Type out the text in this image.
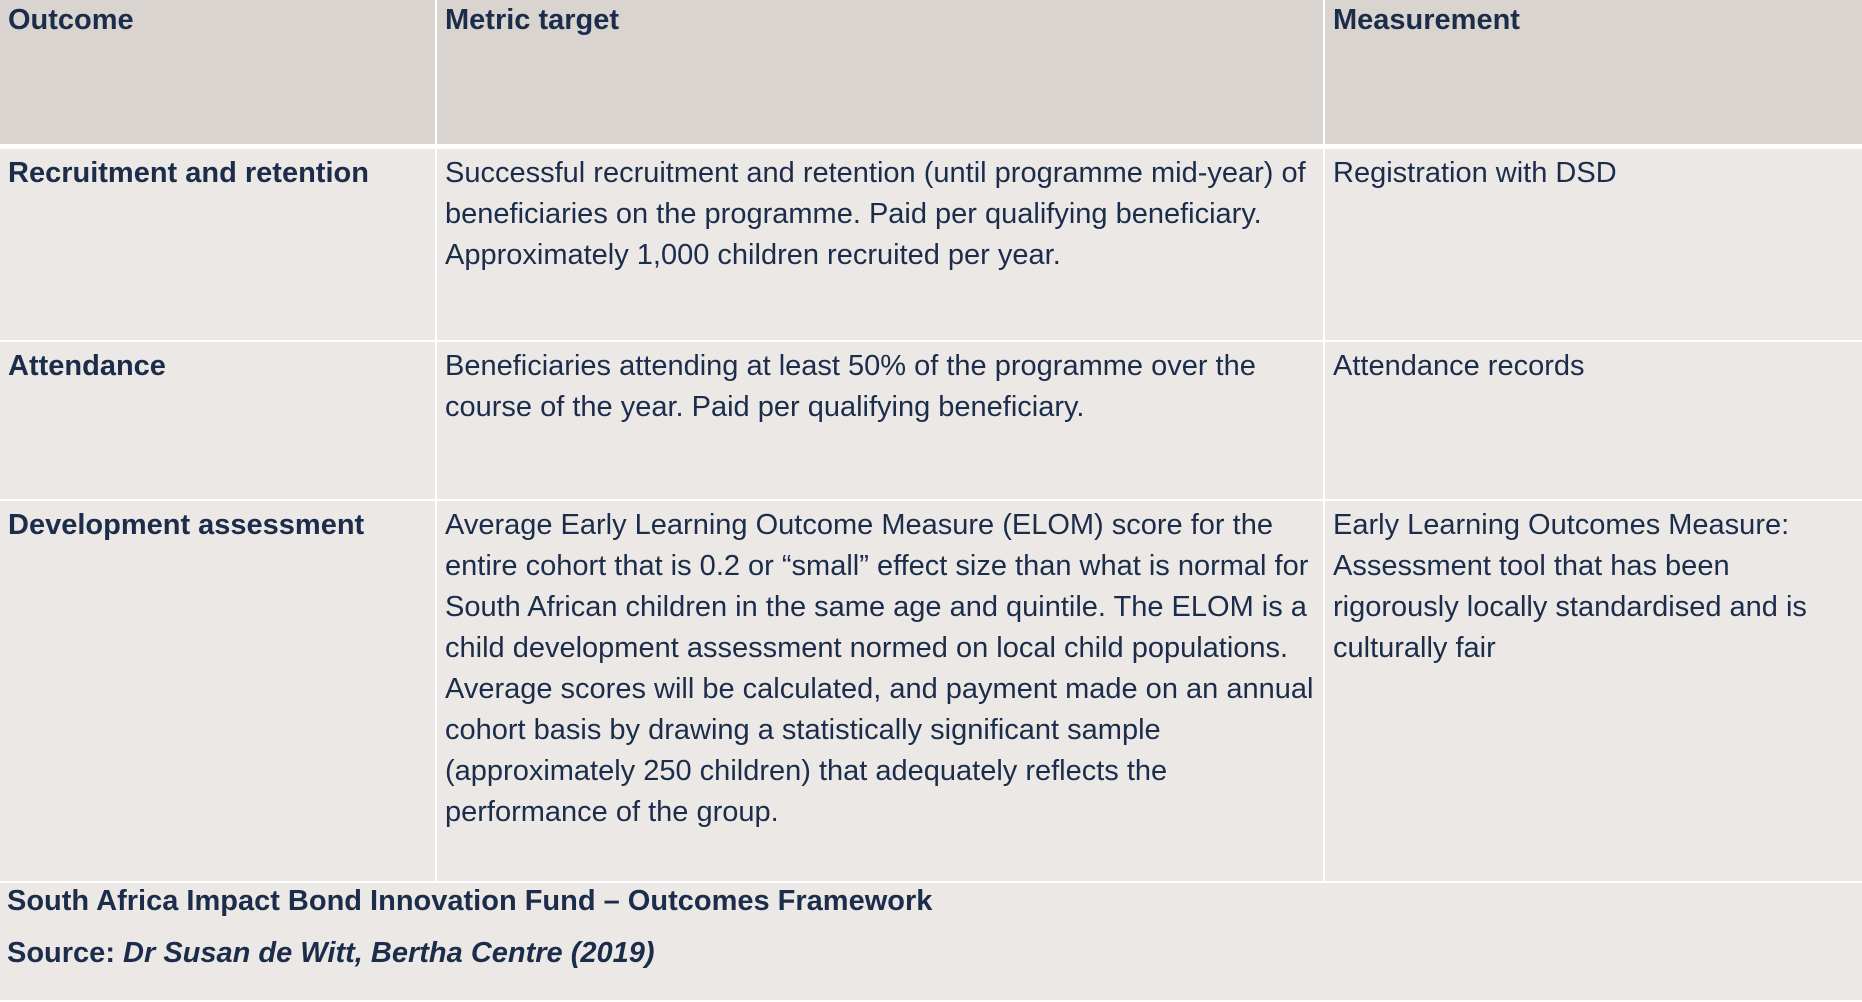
Outcome	Metric target	Measurement
Recruitment and retention	Successful recruitment and retention (until programme mid-year) of beneficiaries on the programme. Paid per qualifying beneficiary. Approximately 1,000 children recruited per year.	Registration with DSD
Attendance	Beneficiaries attending at least 50% of the programme over the course of the year. Paid per qualifying beneficiary.	Attendance records
Development assessment	Average Early Learning Outcome Measure (ELOM) score for the entire cohort that is 0.2 or “small” effect size than what is normal for South African children in the same age and quintile. The ELOM is a child development assessment normed on local child populations. Average scores will be calculated, and payment made on an annual cohort basis by drawing a statistically significant sample (approximately 250 children) that adequately reflects the performance of the group.	Early Learning Outcomes Measure: Assessment tool that has been rigorously locally standardised and is culturally fair
South Africa Impact Bond Innovation Fund – Outcomes Framework
Source: Dr Susan de Witt, Bertha Centre (2019)
